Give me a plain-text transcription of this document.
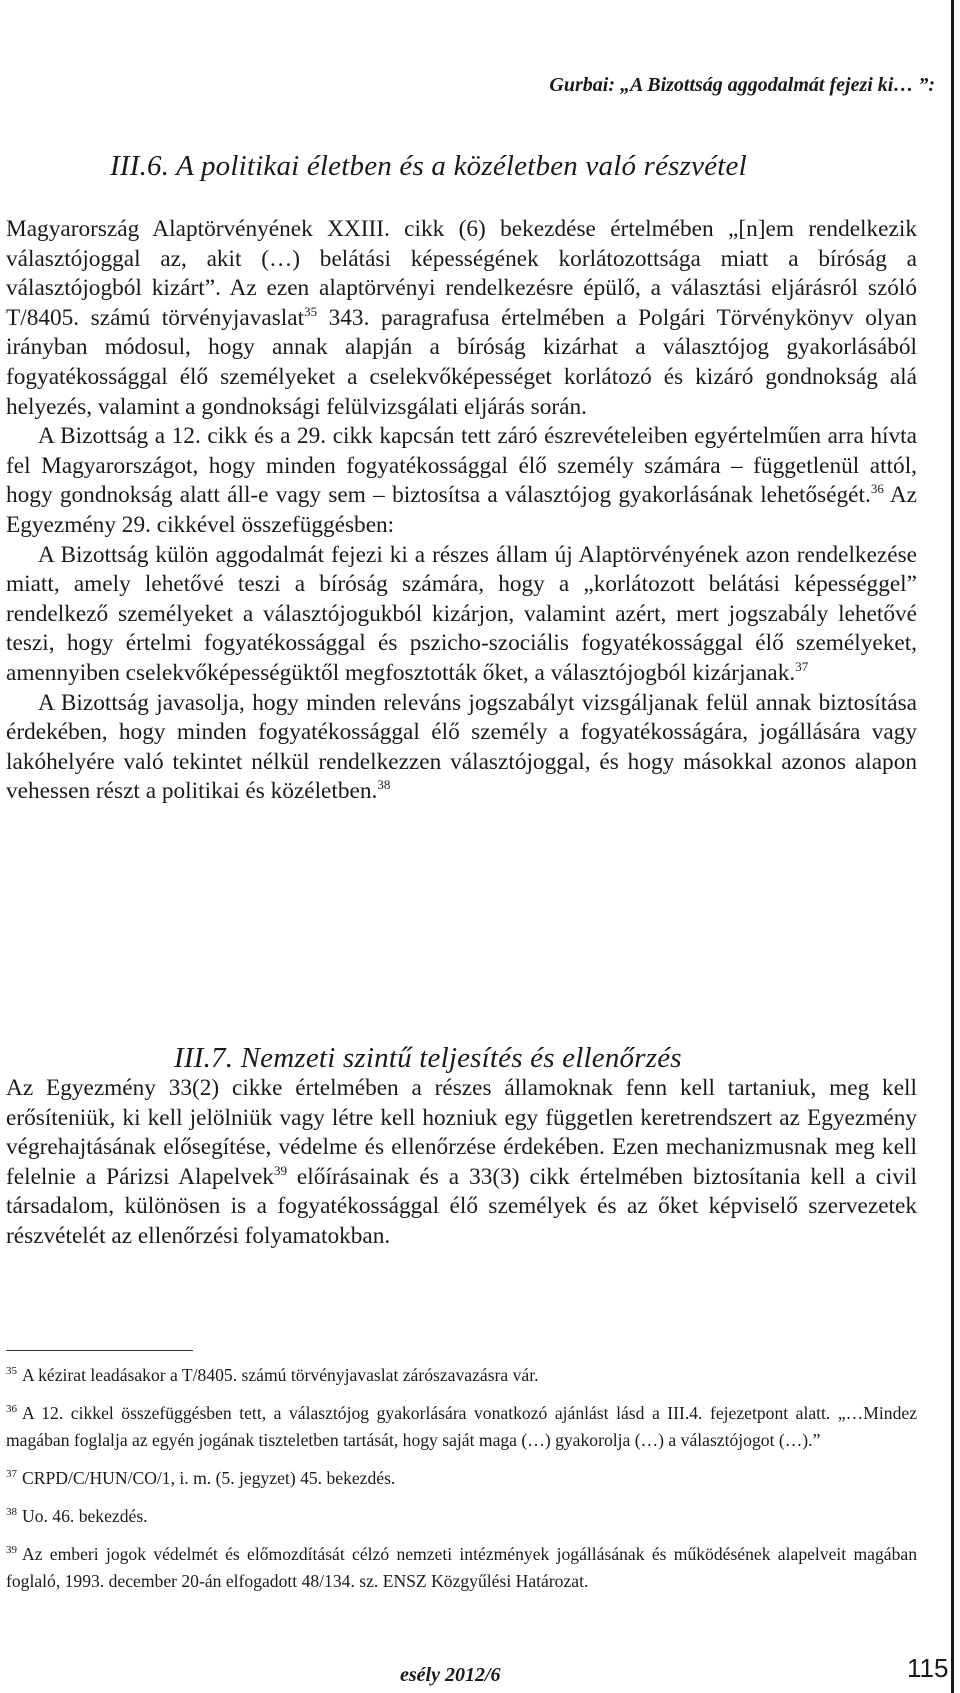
Gurbai: „A Bizottság aggodalmát fejezi ki… ”:
III.6. A politikai életben és a közéletben való részvétel

Magyarország Alaptörvényének XXIII. cikk (6) bekezdése értelmében „[n]em rendelkezik választójoggal az, akit (…) belátási képességének korlátozottsága miatt a bíróság a választójogból kizárt”. Az ezen alaptörvényi rendelkezésre épülő, a választási eljárásról szóló T/8405. számú törvényjavaslat$^{35}$ 343. paragrafusa értelmében a Polgári Törvénykönyv olyan irányban módosul, hogy annak alapján a bíróság kizárhat a választójog gyakorlásából fogyatékossággal élő személyeket a cselekvőképességet korlátozó és kizáró gondnokság alá helyezés, valamint a gondnoksági felülvizsgálati eljárás során.

A Bizottság a 12. cikk és a 29. cikk kapcsán tett záró észrevételeiben egyértelműen arra hívta fel Magyarországot, hogy minden fogyatékossággal élő személy számára – függetlenül attól, hogy gondnokság alatt áll-e vagy sem – biztosítsa a választójog gyakorlásának lehetőségét.$^{36}$ Az Egyezmény 29. cikkével összefüggésben:

A Bizottság külön aggodalmát fejezi ki a részes állam új Alaptörvényének azon rendelkezése miatt, amely lehetővé teszi a bíróság számára, hogy a „korlátozott belátási képességgel” rendelkező személyeket a választójogukból kizárjon, valamint azért, mert jogszabály lehetővé teszi, hogy értelmi fogyatékossággal és pszicho-szociális fogyatékossággal élő személyeket, amennyiben cselekvőképességüktől megfosztották őket, a választójogból kizárjanak.$^{37}$

A Bizottság javasolja, hogy minden releváns jogszabályt vizsgáljanak felül annak biztosítása érdekében, hogy minden fogyatékossággal élő személy a fogyatékosságára, jogállására vagy lakóhelyére való tekintet nélkül rendelkezzen választójoggal, és hogy másokkal azonos alapon vehessen részt a politikai és közéletben.$^{38}$

III.7. Nemzeti szintű teljesítés és ellenőrzés

Az Egyezmény 33(2) cikke értelmében a részes államoknak fenn kell tartaniuk, meg kell erősíteniük, ki kell jelölniük vagy létre kell hozniuk egy független keretrendszert az Egyezmény végrehajtásának elősegítése, védelme és ellenőrzése érdekében. Ezen mechanizmusnak meg kell felelnie a Párizsi Alapelvek$^{39}$ előírásainak és a 33(3) cikk értelmében biztosítania kell a civil társadalom, különösen is a fogyatékossággal élő személyek és az őket képviselő szervezetek részvételét az ellenőrzési folyamatokban.

$^{35}$ A kézirat leadásakor a T/8405. számú törvényjavaslat zárószavazásra vár.

$^{36}$ A 12. cikkel összefüggésben tett, a választójog gyakorlására vonatkozó ajánlást lásd a III.4. fejezetpont alatt. „…Mindez magában foglalja az egyén jogának tiszteletben tartását, hogy saját maga (…) gyakorolja (…) a választójogot (…).”

$^{37}$ CRPD/C/HUN/CO/1, i. m. (5. jegyzet) 45. bekezdés.

$^{38}$ Uo. 46. bekezdés.

$^{39}$ Az emberi jogok védelmét és előmozdítását célzó nemzeti intézmények jogállásának és működésének alapelveit magában foglaló, 1993. december 20-án elfogadott 48/134. sz. ENSZ Közgyűlési Határozat.

esély 2012/6	115
